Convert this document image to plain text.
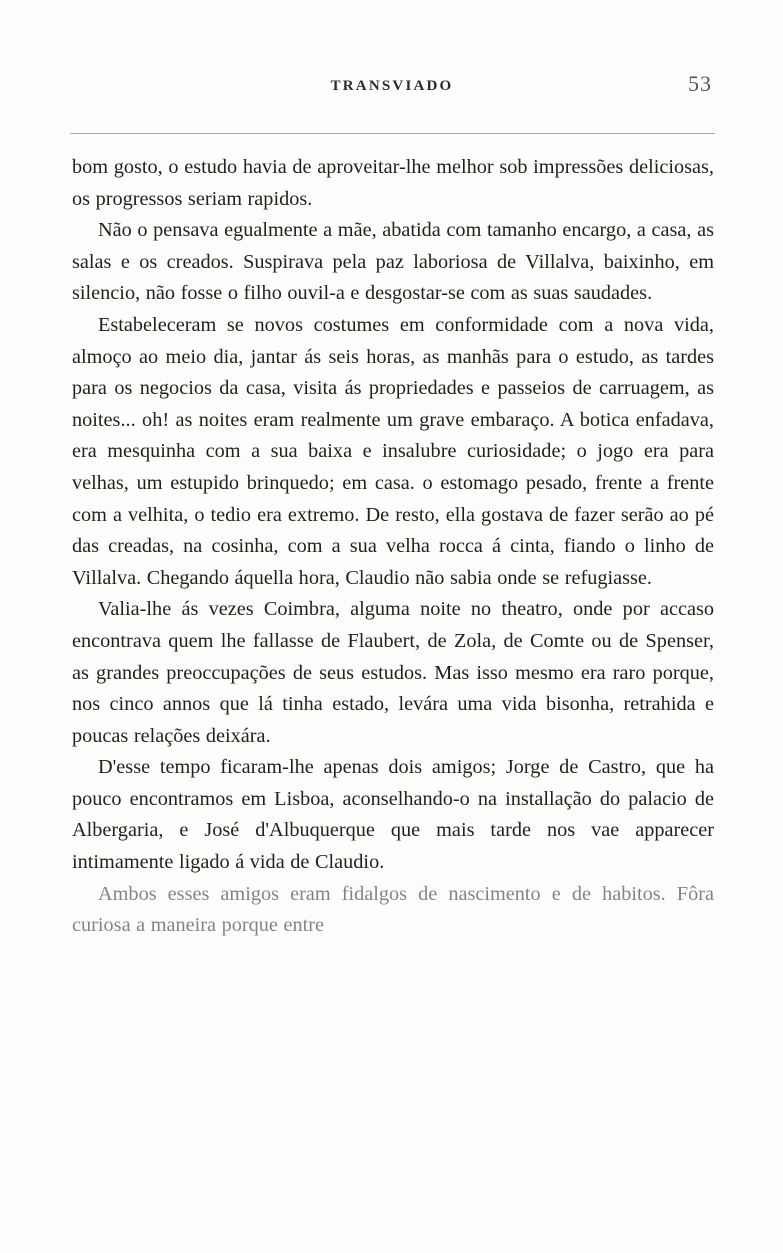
TRANSVIADO	53

bom gosto, o estudo havia de aproveitar-lhe melhor sob impressões deliciosas, os progressos seriam rapidos.

Não o pensava egualmente a mãe, abatida com tamanho encargo, a casa, as salas e os creados. Suspirava pela paz laboriosa de Villalva, baixinho, em silencio, não fosse o filho ouvil-a e desgostar-se com as suas saudades.

Estabeleceram se novos costumes em conformidade com a nova vida, almoço ao meio dia, jantar ás seis horas, as manhãs para o estudo, as tardes para os negocios da casa, visita ás propriedades e passeios de carruagem, as noites... oh! as noites eram realmente um grave embaraço. A botica enfadava, era mesquinha com a sua baixa e insalubre curiosidade; o jogo era para velhas, um estupido brinquedo; em casa. o estomago pesado, frente a frente com a velhita, o tedio era extremo. De resto, ella gostava de fazer serão ao pé das creadas, na cosinha, com a sua velha rocca á cinta, fiando o linho de Villalva. Chegando áquella hora, Claudio não sabia onde se refugiasse.

Valia-lhe ás vezes Coimbra, alguma noite no theatro, onde por accaso encontrava quem lhe fallasse de Flaubert, de Zola, de Comte ou de Spenser, as grandes preoccupações de seus estudos. Mas isso mesmo era raro porque, nos cinco annos que lá tinha estado, levára uma vida bisonha, retrahida e poucas relações deixára.

D'esse tempo ficaram-lhe apenas dois amigos; Jorge de Castro, que ha pouco encontramos em Lisboa, aconselhando-o na installação do palacio de Albergaria, e José d'Albuquerque que mais tarde nos vae apparecer intimamente ligado á vida de Claudio.

Ambos esses amigos eram fidalgos de nascimento e de habitos. Fôra curiosa a maneira porque entre
